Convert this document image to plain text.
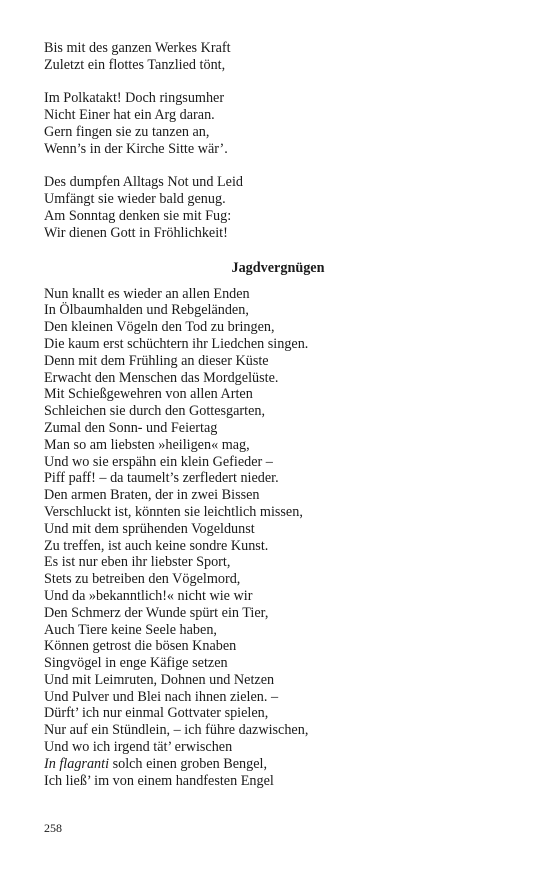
Bis mit des ganzen Werkes Kraft
Zuletzt ein flottes Tanzlied tönt,
Im Polkatakt! Doch ringsumher
Nicht Einer hat ein Arg daran.
Gern fingen sie zu tanzen an,
Wenn’s in der Kirche Sitte wär’.
Des dumpfen Alltags Not und Leid
Umfängt sie wieder bald genug.
Am Sonntag denken sie mit Fug:
Wir dienen Gott in Fröhlichkeit!
Jagdvergnügen
Nun knallt es wieder an allen Enden
In Ölbaumhalden und Rebgeländen,
Den kleinen Vögeln den Tod zu bringen,
Die kaum erst schüchtern ihr Liedchen singen.
Denn mit dem Frühling an dieser Küste
Erwacht den Menschen das Mordgelüste.
Mit Schießgewehren von allen Arten
Schleichen sie durch den Gottesgarten,
Zumal den Sonn- und Feiertag
Man so am liebsten »heiligen« mag,
Und wo sie erspähn ein klein Gefieder –
Piff paff! – da taumelt’s zerfledert nieder.
Den armen Braten, der in zwei Bissen
Verschluckt ist, könnten sie leichtlich missen,
Und mit dem sprühenden Vogeldunst
Zu treffen, ist auch keine sondre Kunst.
Es ist nur eben ihr liebster Sport,
Stets zu betreiben den Vögelmord,
Und da »bekanntlich!« nicht wie wir
Den Schmerz der Wunde spürt ein Tier,
Auch Tiere keine Seele haben,
Können getrost die bösen Knaben
Singvögel in enge Käfige setzen
Und mit Leimruten, Dohnen und Netzen
Und Pulver und Blei nach ihnen zielen. –
Dürft’ ich nur einmal Gottvater spielen,
Nur auf ein Stündlein, – ich führe dazwischen,
Und wo ich irgend tät’ erwischen
In flagranti solch einen groben Bengel,
Ich ließ’ im von einem handfesten Engel
258
